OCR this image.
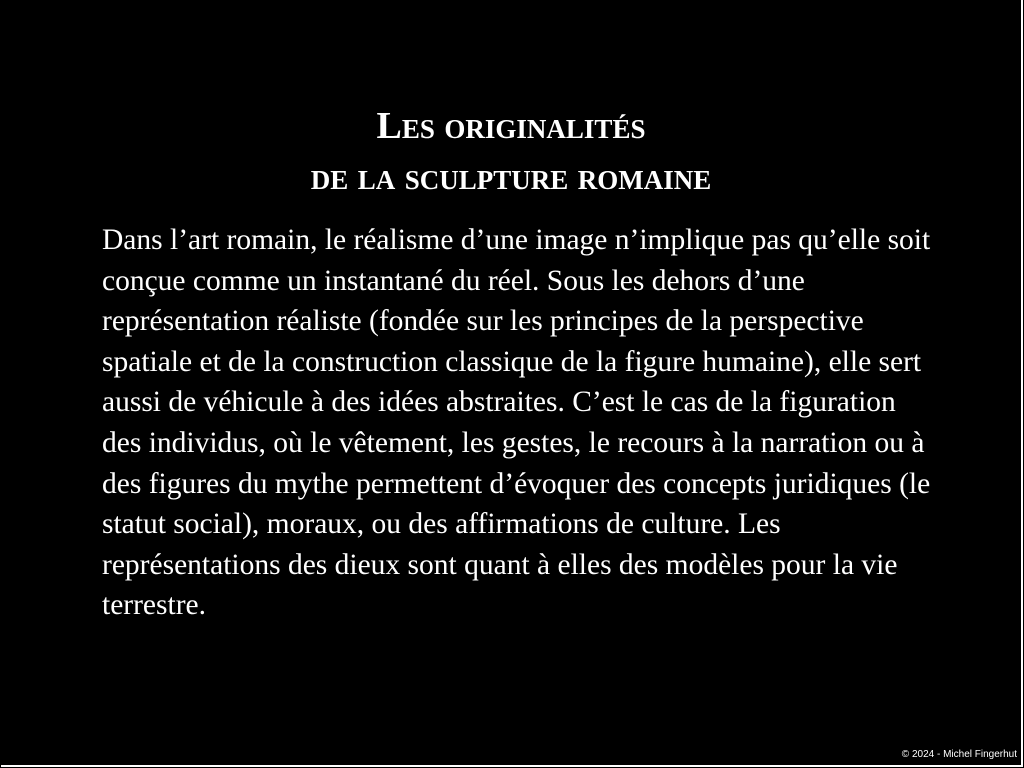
Les originalités
de la sculpture romaine

Dans l’art romain, le réalisme d’une image n’implique pas qu’elle soit conçue comme un instantané du réel. Sous les dehors d’une représentation réaliste (fondée sur les principes de la perspective spatiale et de la construction classique de la figure humaine), elle sert aussi de véhicule à des idées abstraites. C’est le cas de la figuration des individus, où le vêtement, les gestes, le recours à la narration ou à des figures du mythe permettent d’évoquer des concepts juridiques (le statut social), moraux, ou des affirmations de culture. Les représentations des dieux sont quant à elles des modèles pour la vie terrestre.

© 2024 - Michel Fingerhut
